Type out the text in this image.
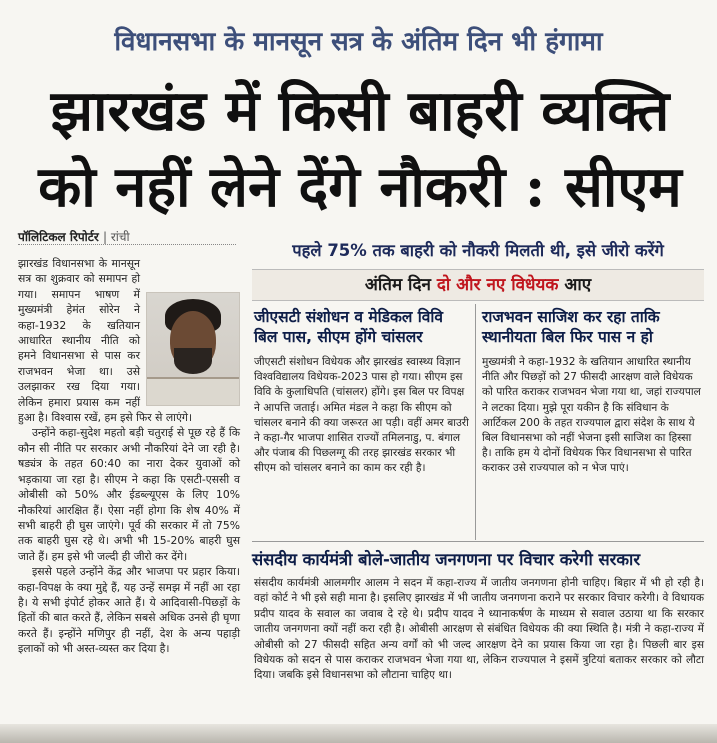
विधानसभा के मानसून सत्र के अंतिम दिन भी हंगामा
झारखंड में किसी बाहरी व्यक्ति
को नहीं लेने देंगे नौकरी : सीएम
पॉलिटिकल रिपोर्टर | रांची
पहले 75% तक बाहरी को नौकरी मिलती थी, इसे जीरो करेंगे
अंतिम दिन दो और नए विधेयक आए

झारखंड विधानसभा के मानसून सत्र का शुक्रवार को समापन हो गया। समापन भाषण में मुख्यमंत्री हेमंत सोरेन ने कहा-1932 के खतियान आधारित स्थानीय नीति को हमने विधानसभा से पास कर राजभवन भेजा था। उसे उलझाकर रख दिया गया। लेकिन हमारा प्रयास कम नहीं हुआ है। विश्वास रखें, हम इसे फिर से लाएंगे।

उन्होंने कहा-सुदेश महतो बड़ी चतुराई से पूछ रहे हैं कि कौन सी नीति पर सरकार अभी नौकरियां देने जा रही है। षड्यंत्र के तहत 60:40 का नारा देकर युवाओं को भड़काया जा रहा है। सीएम ने कहा कि एसटी-एससी व ओबीसी को 50% और ईडब्ल्यूएस के लिए 10% नौकरियां आरक्षित हैं। ऐसा नहीं होगा कि शेष 40% में सभी बाहरी ही घुस जाएंगे। पूर्व की सरकार में तो 75% तक बाहरी घुस रहे थे। अभी भी 15-20% बाहरी घुस जाते हैं। हम इसे भी जल्दी ही जीरो कर देंगे।

इससे पहले उन्होंने केंद्र और भाजपा पर प्रहार किया। कहा-विपक्ष के क्या मुद्दे हैं, यह उन्हें समझ में नहीं आ रहा है। ये सभी इंपोर्ट होकर आते हैं। ये आदिवासी-पिछड़ों के हितों की बात करते हैं, लेकिन सबसे अधिक उनसे ही घृणा करते हैं। इन्होंने मणिपुर ही नहीं, देश के अन्य पहाड़ी इलाकों को भी अस्त-व्यस्त कर दिया है।

जीएसटी संशोधन व मेडिकल विवि बिल पास, सीएम होंगे चांसलर
राजभवन साजिश कर रहा ताकि स्थानीयता बिल फिर पास न हो

जीएसटी संशोधन विधेयक और झारखंड स्वास्थ्य विज्ञान विश्वविद्यालय विधेयक-2023 पास हो गया। सीएम इस विवि के कुलाधिपति (चांसलर) होंगे। इस बिल पर विपक्ष ने आपत्ति जताई। अमित मंडल ने कहा कि सीएम को चांसलर बनाने की क्या जरूरत आ पड़ी। वहीं अमर बाउरी ने कहा-गैर भाजपा शासित राज्यों तमिलनाडु, प. बंगाल और पंजाब की पिछलग्गू की तरह झारखंड सरकार भी सीएम को चांसलर बनाने का काम कर रही है।

मुख्यमंत्री ने कहा-1932 के खतियान आधारित स्थानीय नीति और पिछड़ों को 27 फीसदी आरक्षण वाले विधेयक को पारित कराकर राजभवन भेजा गया था, जहां राज्यपाल ने लटका दिया। मुझे पूरा यकीन है कि संविधान के आर्टिकल 200 के तहत राज्यपाल द्वारा संदेश के साथ ये बिल विधानसभा को नहीं भेजना इसी साजिश का हिस्सा है। ताकि हम ये दोनों विधेयक फिर विधानसभा से पारित कराकर उसे राज्यपाल को न भेज पाएं।

संसदीय कार्यमंत्री बोले-जातीय जनगणना पर विचार करेगी सरकार

संसदीय कार्यमंत्री आलमगीर आलम ने सदन में कहा-राज्य में जातीय जनगणना होनी चाहिए। बिहार में भी हो रही है। वहां कोर्ट ने भी इसे सही माना है। इसलिए झारखंड में भी जातीय जनगणना कराने पर सरकार विचार करेगी। वे विधायक प्रदीप यादव के सवाल का जवाब दे रहे थे। प्रदीप यादव ने ध्यानाकर्षण के माध्यम से सवाल उठाया था कि सरकार जातीय जनगणना क्यों नहीं करा रही है। ओबीसी आरक्षण से संबंधित विधेयक की क्या स्थिति है। मंत्री ने कहा-राज्य में ओबीसी को 27 फीसदी सहित अन्य वर्गों को भी जल्द आरक्षण देने का प्रयास किया जा रहा है। पिछली बार इस विधेयक को सदन से पास कराकर राजभवन भेजा गया था, लेकिन राज्यपाल ने इसमें त्रुटियां बताकर सरकार को लौटा दिया। जबकि इसे विधानसभा को लौटाना चाहिए था।
